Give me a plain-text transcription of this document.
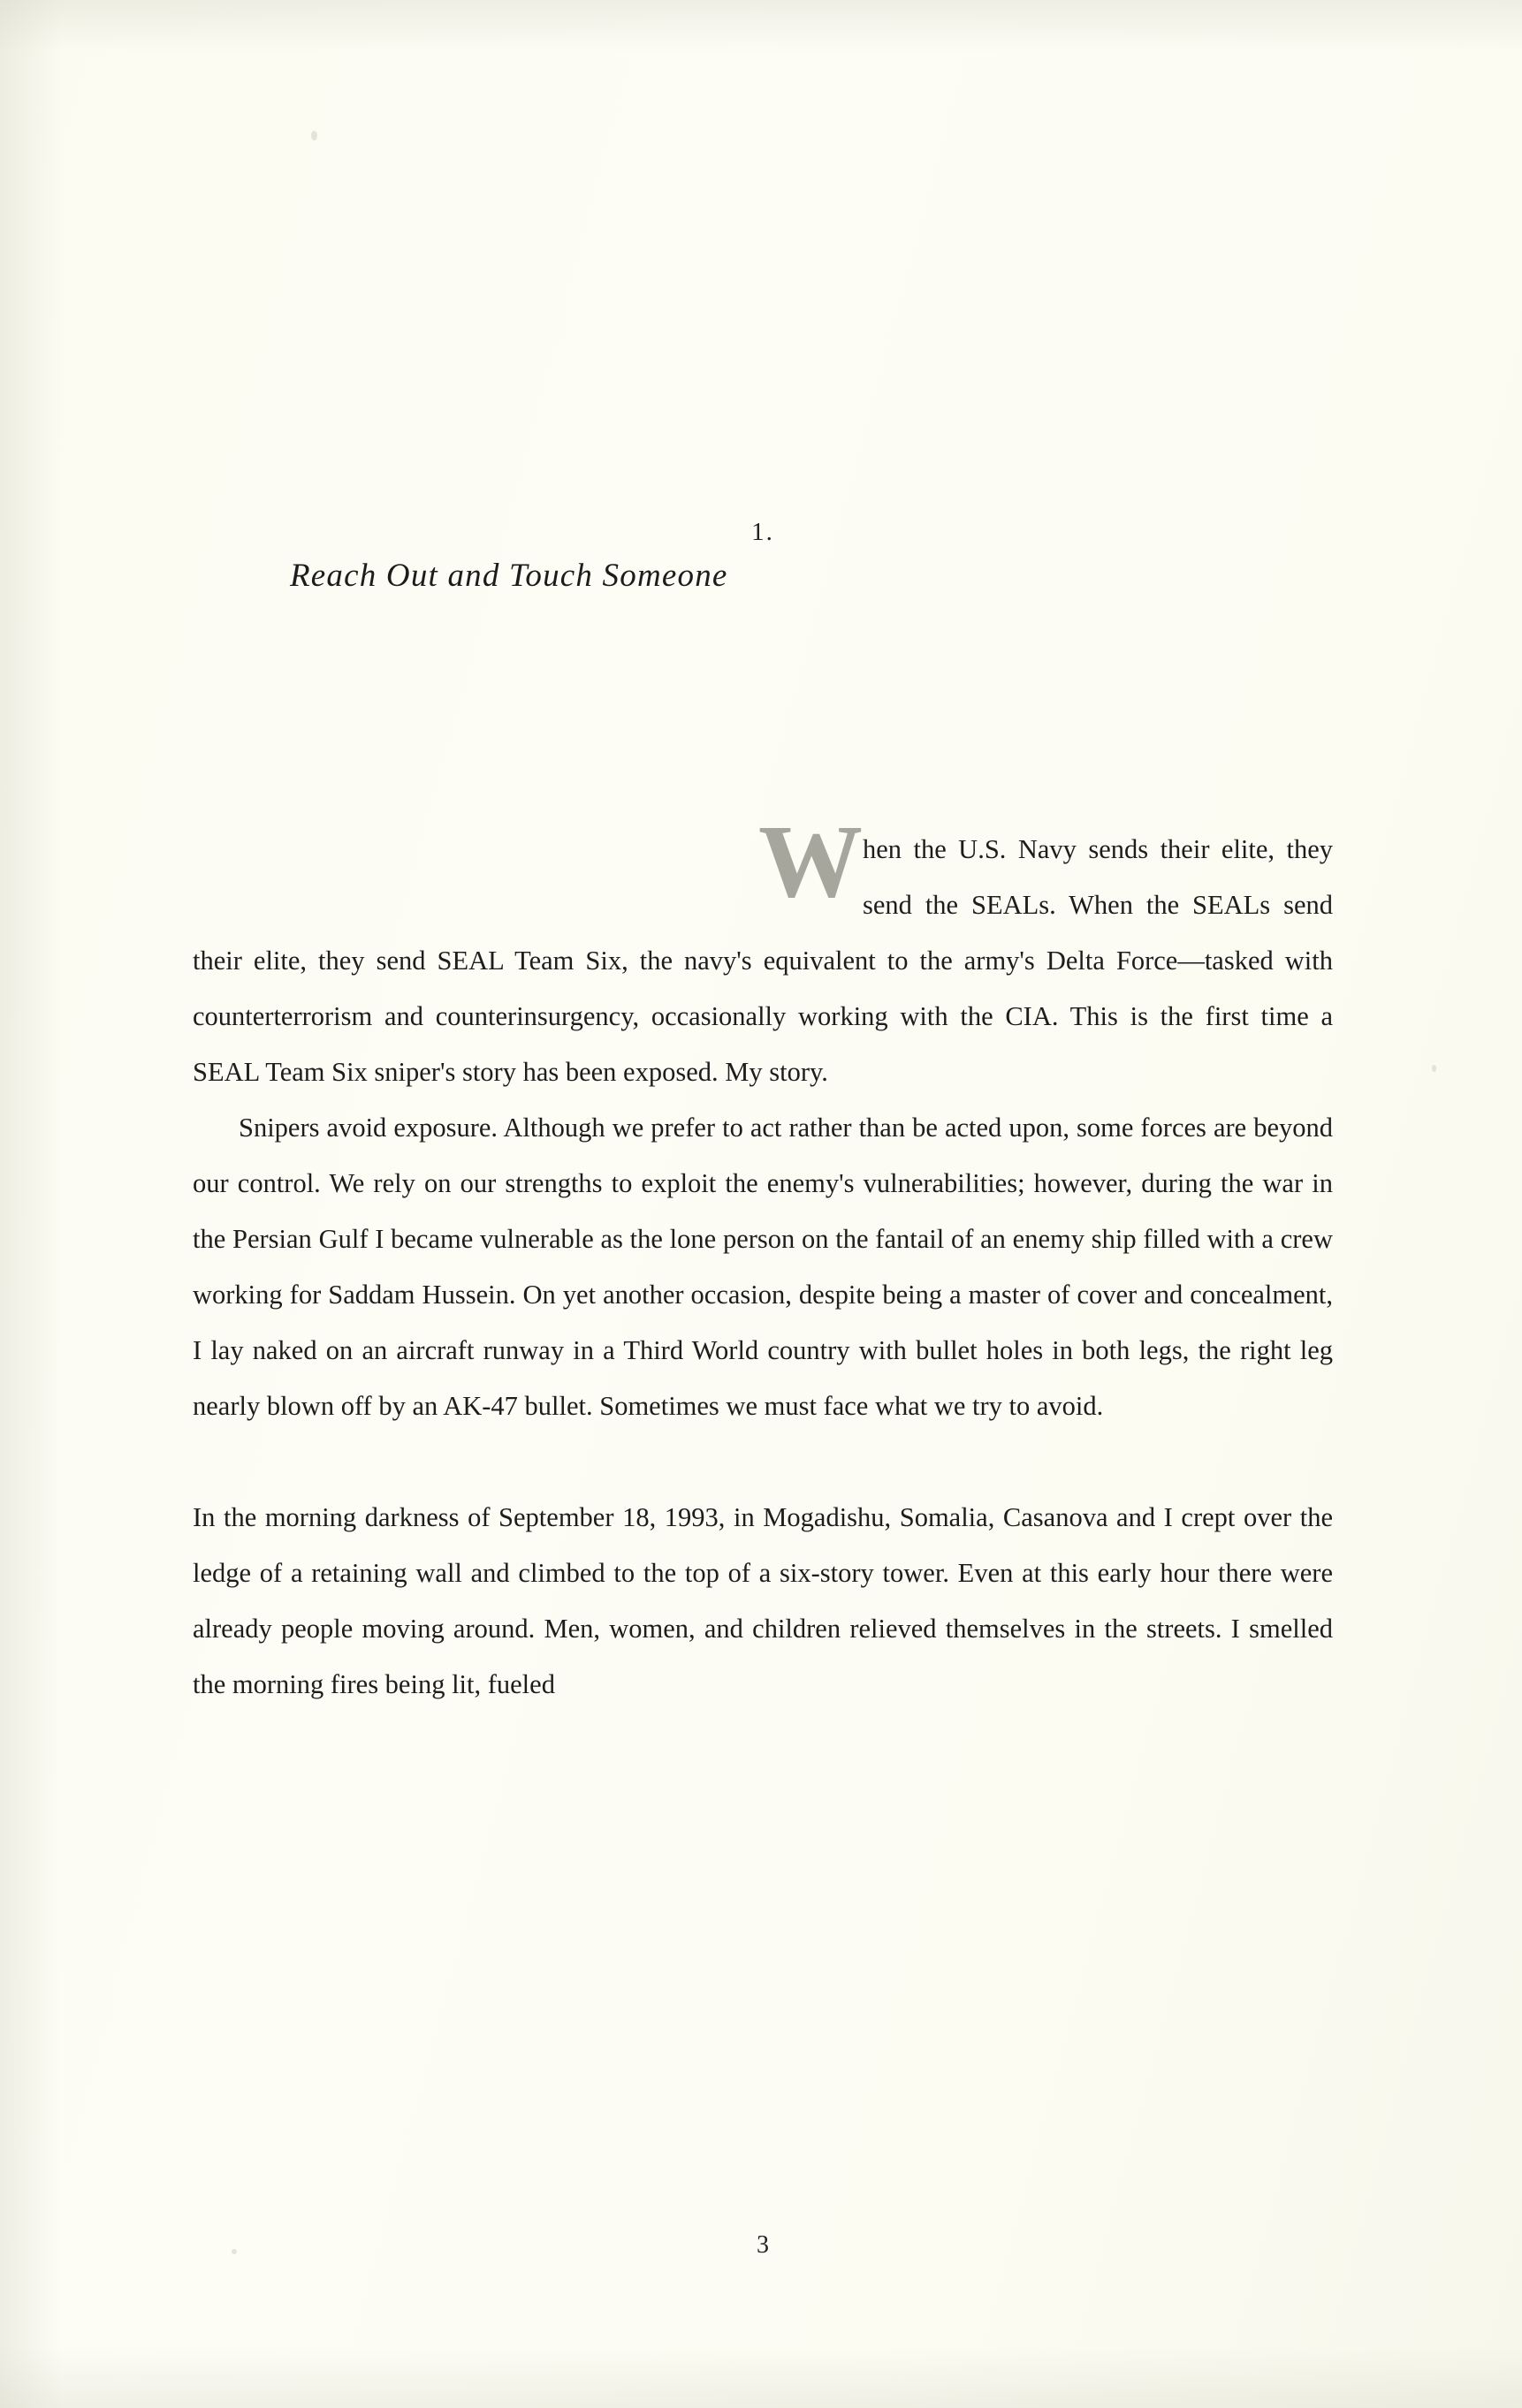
1.
Reach Out and Touch Someone

When the U.S. Navy sends their elite, they send the SEALs. When the SEALs send their elite, they send SEAL Team Six, the navy's equivalent to the army's Delta Force—tasked with counterterrorism and counterinsurgency, occasionally working with the CIA. This is the first time a SEAL Team Six sniper's story has been exposed. My story.

Snipers avoid exposure. Although we prefer to act rather than be acted upon, some forces are beyond our control. We rely on our strengths to exploit the enemy's vulnerabilities; however, during the war in the Persian Gulf I became vulnerable as the lone person on the fantail of an enemy ship filled with a crew working for Saddam Hussein. On yet another occasion, despite being a master of cover and concealment, I lay naked on an aircraft runway in a Third World country with bullet holes in both legs, the right leg nearly blown off by an AK-47 bullet. Sometimes we must face what we try to avoid.

In the morning darkness of September 18, 1993, in Mogadishu, Somalia, Casanova and I crept over the ledge of a retaining wall and climbed to the top of a six-story tower. Even at this early hour there were already people moving around. Men, women, and children relieved themselves in the streets. I smelled the morning fires being lit, fueled

3
